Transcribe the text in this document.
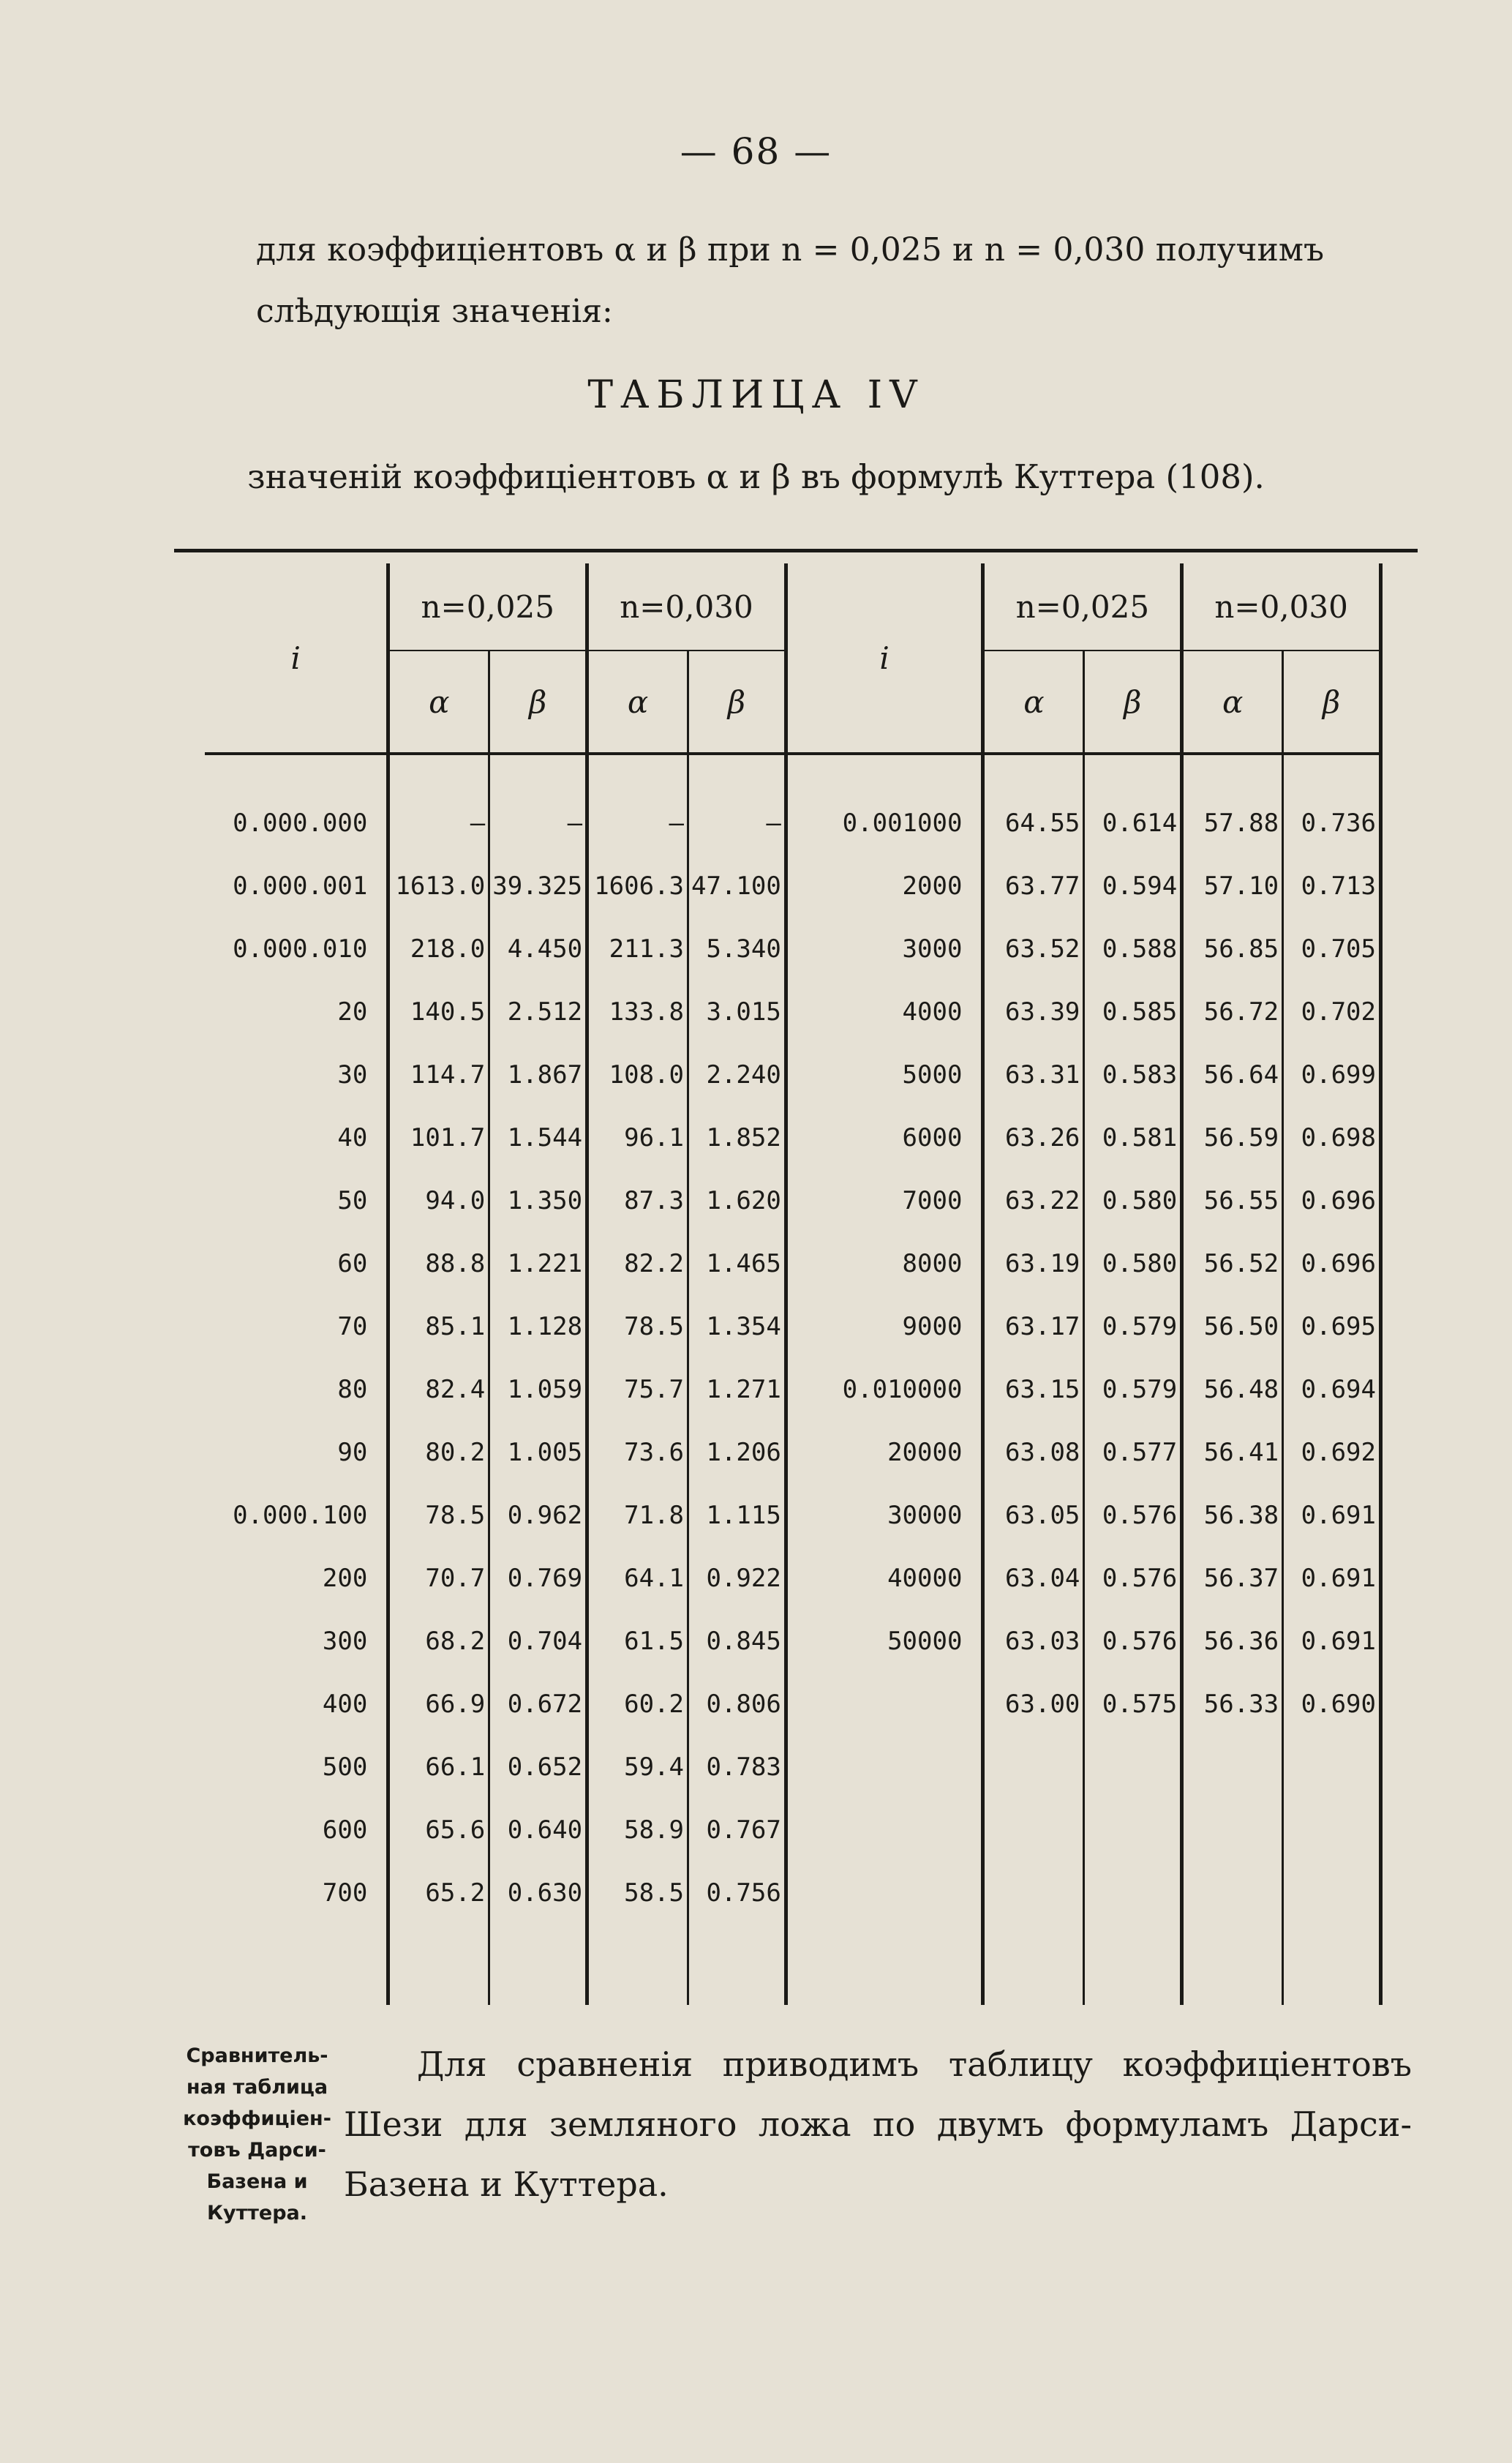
— 68 —
для коэффиціентовъ α и β при n = 0,025 и n = 0,030 получимъ слѣдующія значенія:
ТАБЛИЦА IV
значеній коэффиціентовъ α и β въ формулѣ Куттера (108).
i	n=0,025		n=0,030		i	n=0,025		n=0,030	
	α	β	α	β		α	β	α	β

0.000.000	—	—	—	—	0.001000	64.55	0.614	57.88	0.736
0.000.001	1613.0	39.325	1606.3	47.100	2000	63.77	0.594	57.10	0.713
0.000.010	218.0	4.450	211.3	5.340	3000	63.52	0.588	56.85	0.705
20	140.5	2.512	133.8	3.015	4000	63.39	0.585	56.72	0.702
30	114.7	1.867	108.0	2.240	5000	63.31	0.583	56.64	0.699
40	101.7	1.544	96.1	1.852	6000	63.26	0.581	56.59	0.698
50	94.0	1.350	87.3	1.620	7000	63.22	0.580	56.55	0.696
60	88.8	1.221	82.2	1.465	8000	63.19	0.580	56.52	0.696
70	85.1	1.128	78.5	1.354	9000	63.17	0.579	56.50	0.695
80	82.4	1.059	75.7	1.271	0.010000	63.15	0.579	56.48	0.694
90	80.2	1.005	73.6	1.206	20000	63.08	0.577	56.41	0.692
0.000.100	78.5	0.962	71.8	1.115	30000	63.05	0.576	56.38	0.691
200	70.7	0.769	64.1	0.922	40000	63.04	0.576	56.37	0.691
300	68.2	0.704	61.5	0.845	50000	63.03	0.576	56.36	0.691
400	66.9	0.672	60.2	0.806		63.00	0.575	56.33	0.690
500	66.1	0.652	59.4	0.783					
600	65.6	0.640	58.9	0.767					
700	65.2	0.630	58.5	0.756					

Сравнитель-ная таблица коэффиціен-товъ Дарси-Базена и Куттера.
Для сравненія приводимъ таблицу коэффиціентовъ Шези для земляного ложа по двумъ формуламъ Дарси-Базена и Куттера.
